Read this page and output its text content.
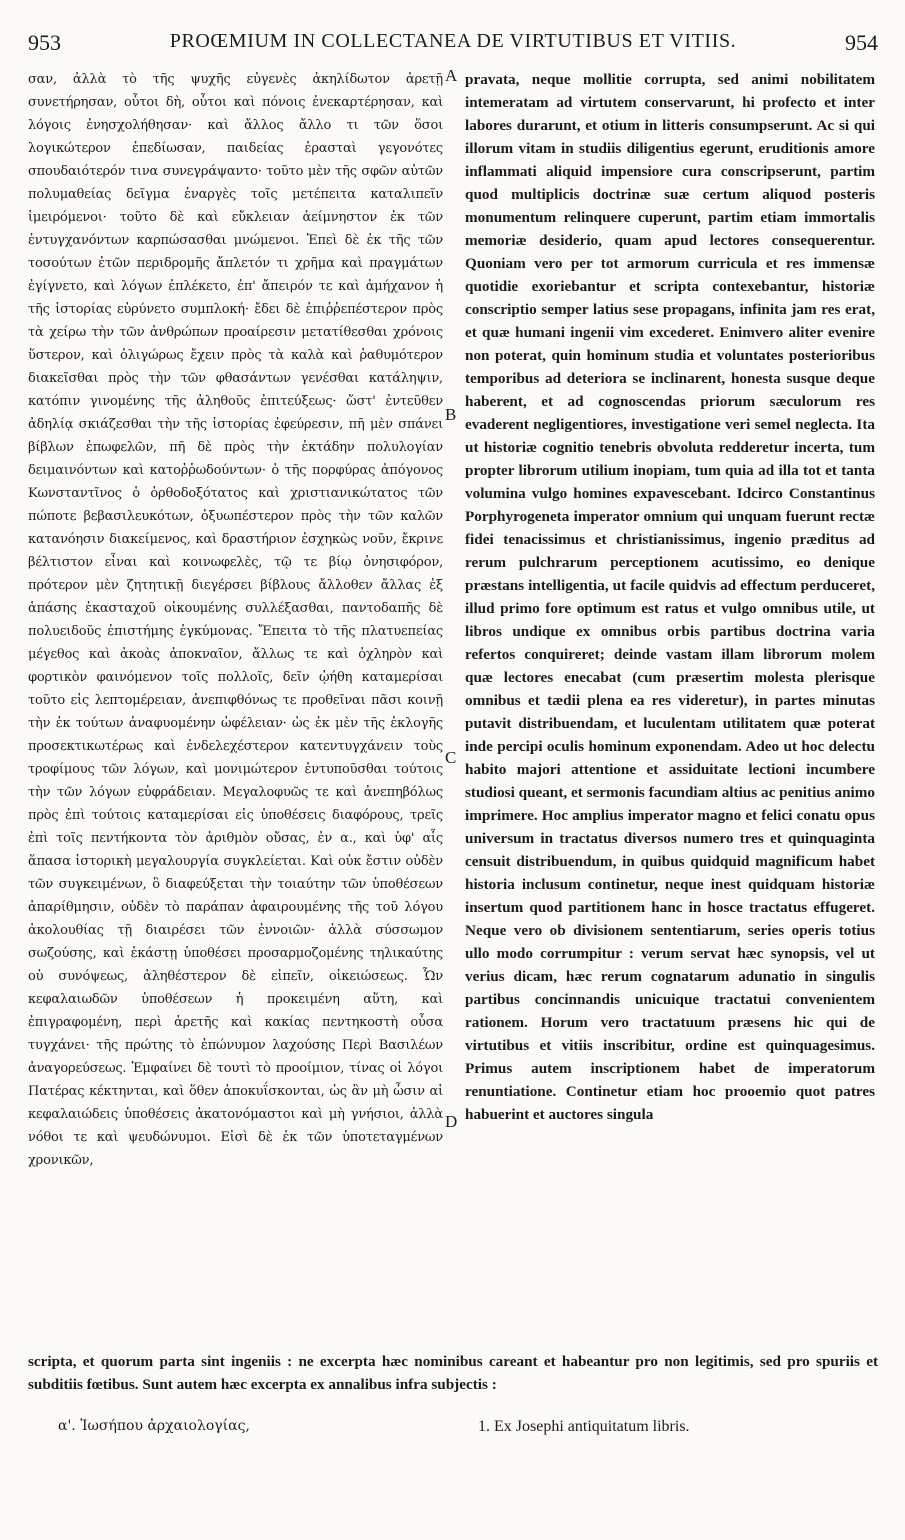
953	PROŒMIUM IN COLLECTANEA DE VIRTUTIBUS ET VITIIS.	954

σαν, ἀλλὰ τὸ τῆς ψυχῆς εὐγενὲς ἀκηλίδωτον ἀρετῇ συνετήρησαν, οὗτοι δὴ, οὗτοι καὶ πόνοις ἐνεκαρτέρησαν, καὶ λόγοις ἐνησχολήθησαν· καὶ ἄλλος ἄλλο τι τῶν ὅσοι λογικώτερον ἐπεδίωσαν, παιδείας ἐρασταὶ γεγονότες σπουδαιότερόν τινα συνεγράψαντο· τοῦτο μὲν τῆς σφῶν αὐτῶν πολυμαθείας δεῖγμα ἐναργὲς τοῖς μετέπειτα καταλιπεῖν ἱμειρόμενοι· τοῦτο δὲ καὶ εὔκλειαν ἀείμνηστον ἐκ τῶν ἐντυγχανόντων καρπώσασθαι μνώμενοι. Ἐπεὶ δὲ ἐκ τῆς τῶν τοσούτων ἐτῶν περιδρομῆς ἄπλετόν τι χρῆμα καὶ πραγμάτων ἐγίγνετο, καὶ λόγων ἐπλέκετο, ἐπ' ἄπειρόν τε καὶ ἀμήχανον ἡ τῆς ἱστορίας εὐρύνετο συμπλοκή· ἔδει δὲ ἐπιῤῥεπέστερον πρὸς τὰ χείρω τὴν τῶν ἀνθρώπων προαίρεσιν μετατίθεσθαι χρόνοις ὕστερον, καὶ ὀλιγώρως ἔχειν πρὸς τὰ καλὰ καὶ ῥαθυμότερον διακεῖσθαι πρὸς τὴν τῶν φθασάντων γενέσθαι κατάληψιν, κατόπιν γινομένης τῆς ἀληθοῦς ἐπιτεύξεως· ὥστ' ἐντεῦθεν ἀδηλίᾳ σκιάζεσθαι τὴν τῆς ἱστορίας ἐφεύρεσιν, πῆ μὲν σπάνει βίβλων ἐπωφελῶν, πῆ δὲ πρὸς τὴν ἐκτάδην πολυλογίαν δειμαινόντων καὶ κατοῤῥωδούντων· ὁ τῆς πορφύρας ἀπόγονος Κωνσταντῖνος ὁ ὀρθοδοξότατος καὶ χριστιανικώτατος τῶν πώποτε βεβασιλευκότων, ὀξυωπέστερον πρὸς τὴν τῶν καλῶν κατανόησιν διακείμενος, καὶ δραστήριον ἐσχηκὼς νοῦν, ἔκρινε βέλτιστον εἶναι καὶ κοινωφελὲς, τῷ τε βίῳ ὀνησιφόρον, πρότερον μὲν ζητητικῇ διεγέρσει βίβλους ἄλλοθεν ἄλλας ἐξ ἁπάσης ἑκασταχοῦ οἰκουμένης συλλέξασθαι, παντοδαπῆς δὲ πολυειδοῦς ἐπιστήμης ἐγκύμονας. Ἔπειτα τὸ τῆς πλατυεπείας μέγεθος καὶ ἀκοὰς ἀποκναῖον, ἄλλως τε καὶ ὀχληρὸν καὶ φορτικὸν φαινόμενον τοῖς πολλοῖς, δεῖν ᾠήθη καταμερίσαι τοῦτο εἰς λεπτομέρειαν, ἀνεπιφθόνως τε προθεῖναι πᾶσι κοινῇ τὴν ἐκ τούτων ἀναφυομένην ὠφέλειαν· ὡς ἐκ μὲν τῆς ἐκλογῆς προσεκτικωτέρως καὶ ἐνδελεχέστερον κατεντυγχάνειν τοὺς τροφίμους τῶν λόγων, καὶ μονιμώτερον ἐντυποῦσθαι τούτοις τὴν τῶν λόγων εὐφράδειαν. Μεγαλοφυῶς τε καὶ ἀνεπηβόλως πρὸς ἐπὶ τούτοις καταμερίσαι εἰς ὑποθέσεις διαφόρους, τρεῖς ἐπὶ τοῖς πεντήκοντα τὸν ἀριθμὸν οὔσας, ἐν α., καὶ ὑφ' αἷς ἅπασα ἱστορικὴ μεγαλουργία συγκλείεται. Καὶ οὐκ ἔστιν οὐδὲν τῶν συγκειμένων, ὃ διαφεύξεται τὴν τοιαύτην τῶν ὑποθέσεων ἀπαρίθμησιν, οὐδὲν τὸ παράπαν ἀφαιρουμένης τῆς τοῦ λόγου ἀκολουθίας τῇ διαιρέσει τῶν ἐννοιῶν· ἀλλὰ σύσσωμον σωζούσης, καὶ ἑκάστῃ ὑποθέσει προσαρμοζομένης τηλικαύτης οὐ συνόψεως, ἀληθέστερον δὲ εἰπεῖν, οἰκειώσεως. Ὧν κεφαλαιωδῶν ὑποθέσεων ἡ προκειμένη αὕτη, καὶ ἐπιγραφομένη, περὶ ἀρετῆς καὶ κακίας πεντηκοστὴ οὖσα τυγχάνει· τῆς πρώτης τὸ ἐπώνυμον λαχούσης Περὶ Βασιλέων ἀναγορεύσεως. Ἐμφαίνει δὲ τουτὶ τὸ προοίμιον, τίνας οἱ λόγοι Πατέρας κέκτηνται, καὶ ὅθεν ἀποκυΐσκονται, ὡς ἂν μὴ ὦσιν αἱ κεφαλαιώδεις ὑποθέσεις ἀκατονόμαστοι καὶ μὴ γνήσιοι, ἀλλὰ νόθοι τε καὶ ψευδώνυμοι. Εἰσὶ δὲ ἐκ τῶν ὑποτεταγμένων χρονικῶν,

A
B
C
D

pravata, neque mollitie corrupta, sed animi nobilitatem intemeratam ad virtutem conservarunt, hi profecto et inter labores durarunt, et otium in litteris consumpserunt. Ac si qui illorum vitam in studiis diligentius egerunt, eruditionis amore inflammati aliquid impensiore cura conscripserunt, partim quod multiplicis doctrinæ suæ certum aliquod posteris monumentum relinquere cuperunt, partim etiam immortalis memoriæ desiderio, quam apud lectores consequerentur. Quoniam vero per tot armorum curricula et res immensæ quotidie exoriebantur et scripta contexebantur, historiæ conscriptio semper latius sese propagans, infinita jam res erat, et quæ humani ingenii vim excederet. Enimvero aliter evenire non poterat, quin hominum studia et voluntates posterioribus temporibus ad deteriora se inclinarent, honesta susque deque haberent, et ad cognoscendas priorum sæculorum res evaderent negligentiores, investigatione veri semel neglecta. Ita ut historiæ cognitio tenebris obvoluta redderetur incerta, tum propter librorum utilium inopiam, tum quia ad illa tot et tanta volumina vulgo homines expavescebant. Idcirco Constantinus Porphyrogeneta imperator omnium qui unquam fuerunt rectæ fidei tenacissimus et christianissimus, ingenio præditus ad rerum pulchrarum perceptionem acutissimo, eo denique præstans intelligentia, ut facile quidvis ad effectum perduceret, illud primo fore optimum est ratus et vulgo omnibus utile, ut libros undique ex omnibus orbis partibus doctrina varia refertos conquireret; deinde vastam illam librorum molem quæ lectores enecabat (cum præsertim molesta plerisque omnibus et tædii plena ea res videretur), in partes minutas putavit distribuendam, et luculentam utilitatem quæ poterat inde percipi oculis hominum exponendam. Adeo ut hoc delectu habito majori attentione et assiduitate lectioni incumbere studiosi queant, et sermonis facundiam altius ac penitius animo imprimere. Hoc amplius imperator magno et felici conatu opus universum in tractatus diversos numero tres et quinquaginta censuit distribuendum, in quibus quidquid magnificum habet historia inclusum continetur, neque inest quidquam historiæ insertum quod partitionem hanc in hosce tractatus effugeret. Neque vero ob divisionem sententiarum, series operis totius ullo modo corrumpitur : verum servat hæc synopsis, vel ut verius dicam, hæc rerum cognatarum adunatio in singulis partibus concinnandis unicuique tractatui convenientem rationem. Horum vero tractatuum præsens hic qui de virtutibus et vitiis inscribitur, ordine est quinquagesimus. Primus autem inscriptionem habet de imperatorum renuntiatione. Continetur etiam hoc prooemio quot patres habuerint et auctores singula

scripta, et quorum parta sint ingeniis : ne excerpta hæc nominibus careant et habeantur pro non legitimis, sed pro spuriis et subditiis fœtibus. Sunt autem hæc excerpta ex annalibus infra subjectis :

α'. Ἰωσήπου ἀρχαιολογίας,	1. Ex Josephi antiquitatum libris.
